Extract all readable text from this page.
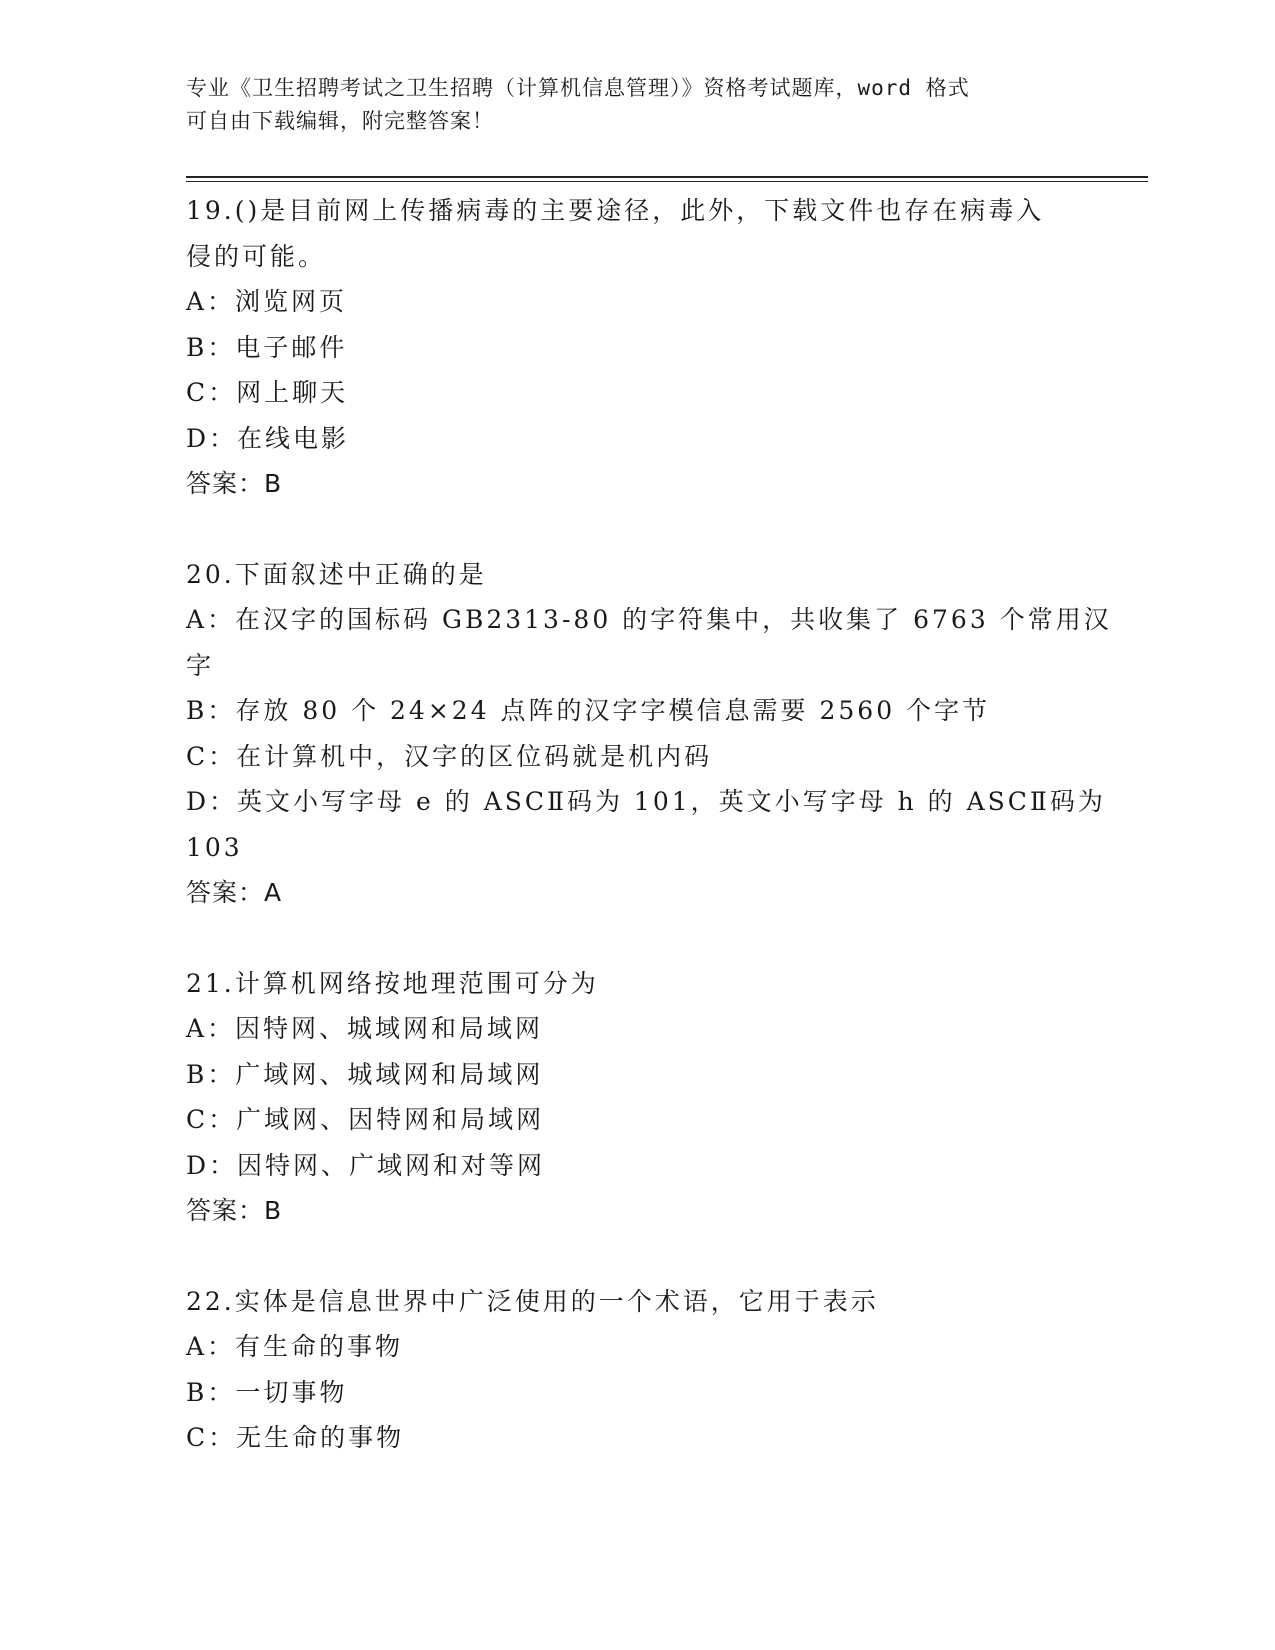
专业《卫生招聘考试之卫生招聘（计算机信息管理）》资格考试题库，word 格式
可自由下载编辑，附完整答案！
19.()是目前网上传播病毒的主要途径，此外，下载文件也存在病毒入
侵的可能。
A：浏览网页
B：电子邮件
C：网上聊天
D：在线电影
答案：B
20.下面叙述中正确的是
A：在汉字的国标码 GB2313-80 的字符集中，共收集了 6763 个常用汉
字
B：存放 80 个 24×24 点阵的汉字字模信息需要 2560 个字节
C：在计算机中，汉字的区位码就是机内码
D：英文小写字母 e 的 ASCⅡ码为 101，英文小写字母 h 的 ASCⅡ码为
103
答案：A
21.计算机网络按地理范围可分为
A：因特网、城域网和局域网
B：广域网、城域网和局域网
C：广域网、因特网和局域网
D：因特网、广域网和对等网
答案：B
22.实体是信息世界中广泛使用的一个术语，它用于表示
A：有生命的事物
B：一切事物
C：无生命的事物
